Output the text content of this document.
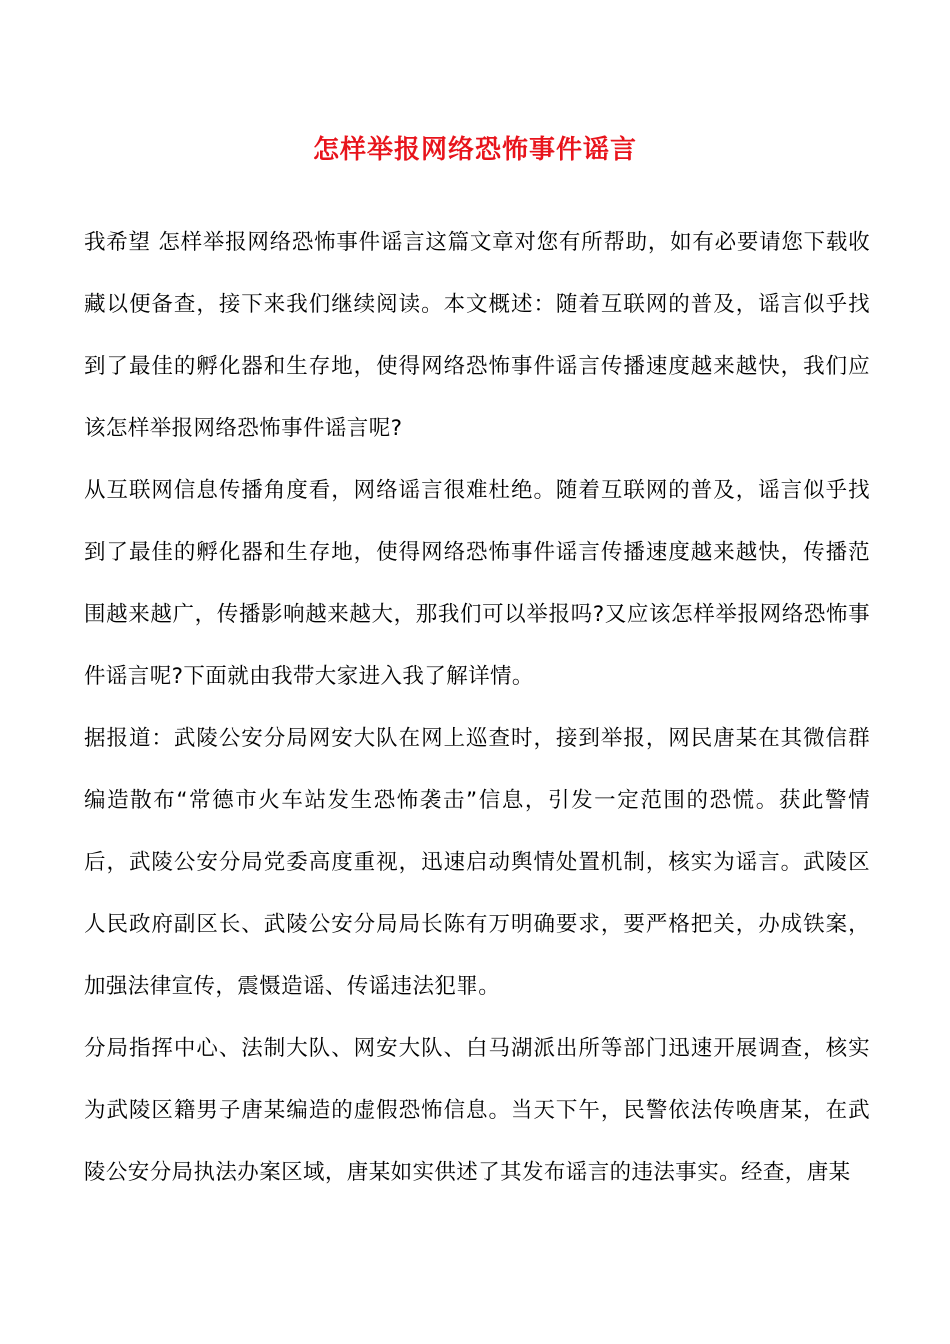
怎样举报网络恐怖事件谣言

我希望 怎样举报网络恐怖事件谣言这篇文章对您有所帮助，如有必要请您下载收藏以便备查，接下来我们继续阅读。本文概述：随着互联网的普及，谣言似乎找到了最佳的孵化器和生存地，使得网络恐怖事件谣言传播速度越来越快，我们应该怎样举报网络恐怖事件谣言呢?

从互联网信息传播角度看，网络谣言很难杜绝。随着互联网的普及，谣言似乎找到了最佳的孵化器和生存地，使得网络恐怖事件谣言传播速度越来越快，传播范围越来越广，传播影响越来越大，那我们可以举报吗?又应该怎样举报网络恐怖事件谣言呢?下面就由我带大家进入我了解详情。

据报道：武陵公安分局网安大队在网上巡查时，接到举报，网民唐某在其微信群编造散布“常德市火车站发生恐怖袭击”信息，引发一定范围的恐慌。获此警情后，武陵公安分局党委高度重视，迅速启动舆情处置机制，核实为谣言。武陵区人民政府副区长、武陵公安分局局长陈有万明确要求，要严格把关，办成铁案，加强法律宣传，震慑造谣、传谣违法犯罪。

分局指挥中心、法制大队、网安大队、白马湖派出所等部门迅速开展调查，核实为武陵区籍男子唐某编造的虚假恐怖信息。当天下午，民警依法传唤唐某，在武陵公安分局执法办案区域，唐某如实供述了其发布谣言的违法事实。经查，唐某
